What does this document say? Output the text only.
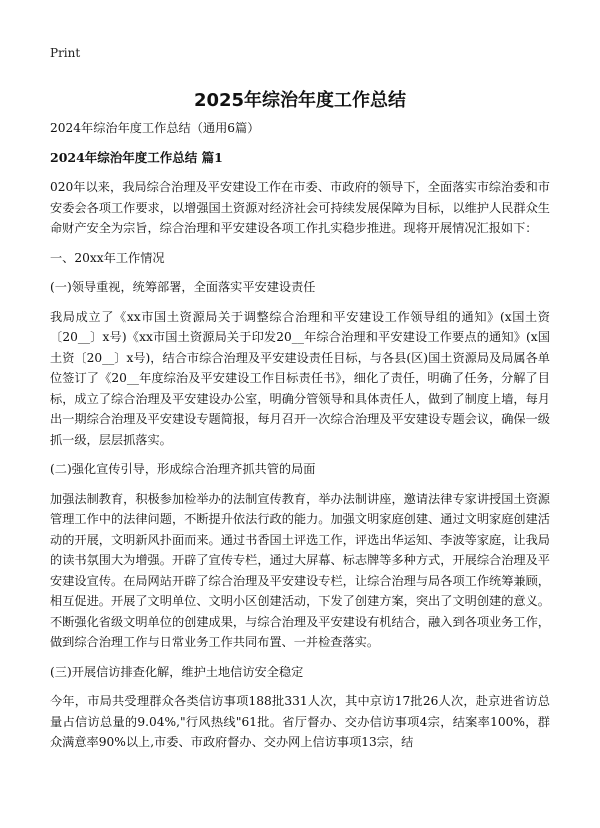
Print
2025年综治年度工作总结

2024年综治年度工作总结（通用6篇）

2024年综治年度工作总结 篇1

020年以来，我局综合治理及平安建设工作在市委、市政府的领导下，全面落实市综治委和市安委会各项工作要求，以增强国土资源对经济社会可持续发展保障为目标，以维护人民群众生命财产安全为宗旨，综合治理和平安建设各项工作扎实稳步推进。现将开展情况汇报如下：

一、20xx年工作情况

(一)领导重视，统筹部署，全面落实平安建设责任

我局成立了《xx市国土资源局关于调整综合治理和平安建设工作领导组的通知》(x国土资〔20__〕x号)《xx市国土资源局关于印发20__年综合治理和平安建设工作要点的通知》(x国土资〔20__〕x号)，结合市综合治理及平安建设责任目标，与各县(区)国土资源局及局属各单位签订了《20__年度综治及平安建设工作目标责任书》，细化了责任，明确了任务，分解了目标，成立了综合治理及平安建设办公室，明确分管领导和具体责任人，做到了制度上墙，每月出一期综合治理及平安建设专题简报，每月召开一次综合治理及平安建设专题会议，确保一级抓一级，层层抓落实。

(二)强化宣传引导，形成综合治理齐抓共管的局面

加强法制教育，积极参加检举办的法制宣传教育，举办法制讲座，邀请法律专家讲授国土资源管理工作中的法律问题，不断提升依法行政的能力。加强文明家庭创建、通过文明家庭创建活动的开展，文明新风扑面而来。通过书香国土评选工作，评选出华运知、李波等家庭，让我局的读书氛围大为增强。开辟了宣传专栏，通过大屏幕、标志牌等多种方式，开展综合治理及平安建设宣传。在局网站开辟了综合治理及平安建设专栏，让综合治理与局各项工作统筹兼顾，相互促进。开展了文明单位、文明小区创建活动，下发了创建方案，突出了文明创建的意义。不断强化省级文明单位的创建成果，与综合治理及平安建设有机结合，融入到各项业务工作，做到综合治理工作与日常业务工作共同布置、一并检查落实。

(三)开展信访排查化解，维护土地信访安全稳定

今年，市局共受理群众各类信访事项188批331人次，其中京访17批26人次，赴京进省访总量占信访总量的9.04%,"行风热线"61批。省厅督办、交办信访事项4宗，结案率100%，群众满意率90%以上,市委、市政府督办、交办网上信访事项13宗，结
